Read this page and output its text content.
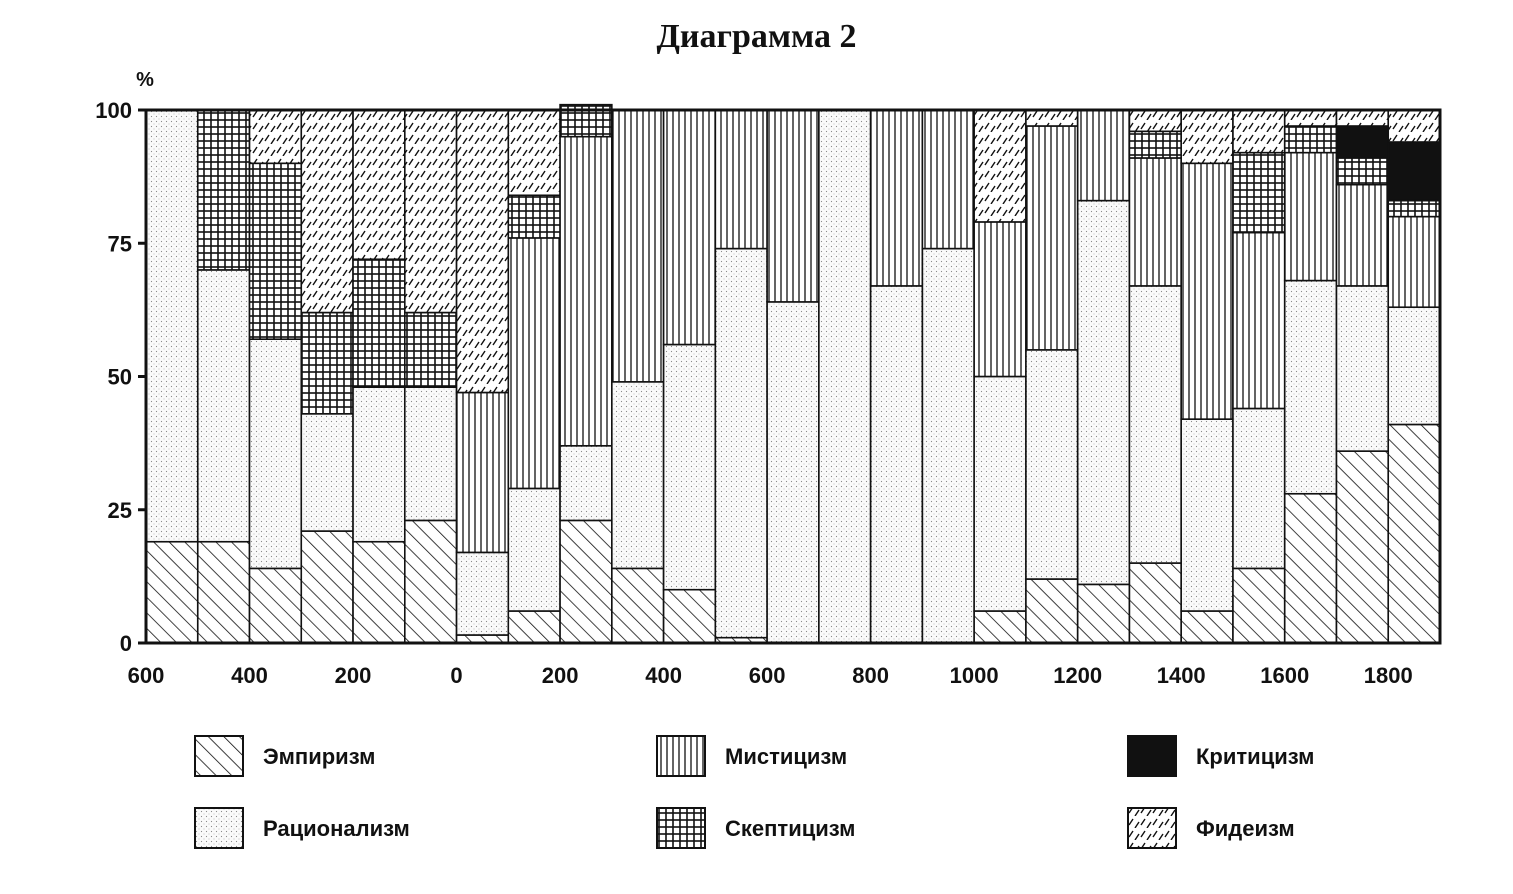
Диаграмма 2
0
25
50
75
100
%
600	400	200	0	200	400	600	800	1000 1200 1400 1600 1800
Эмпиризм
Рационализм
Мистицизм
Скептицизм
Критицизм
Фидеизм
